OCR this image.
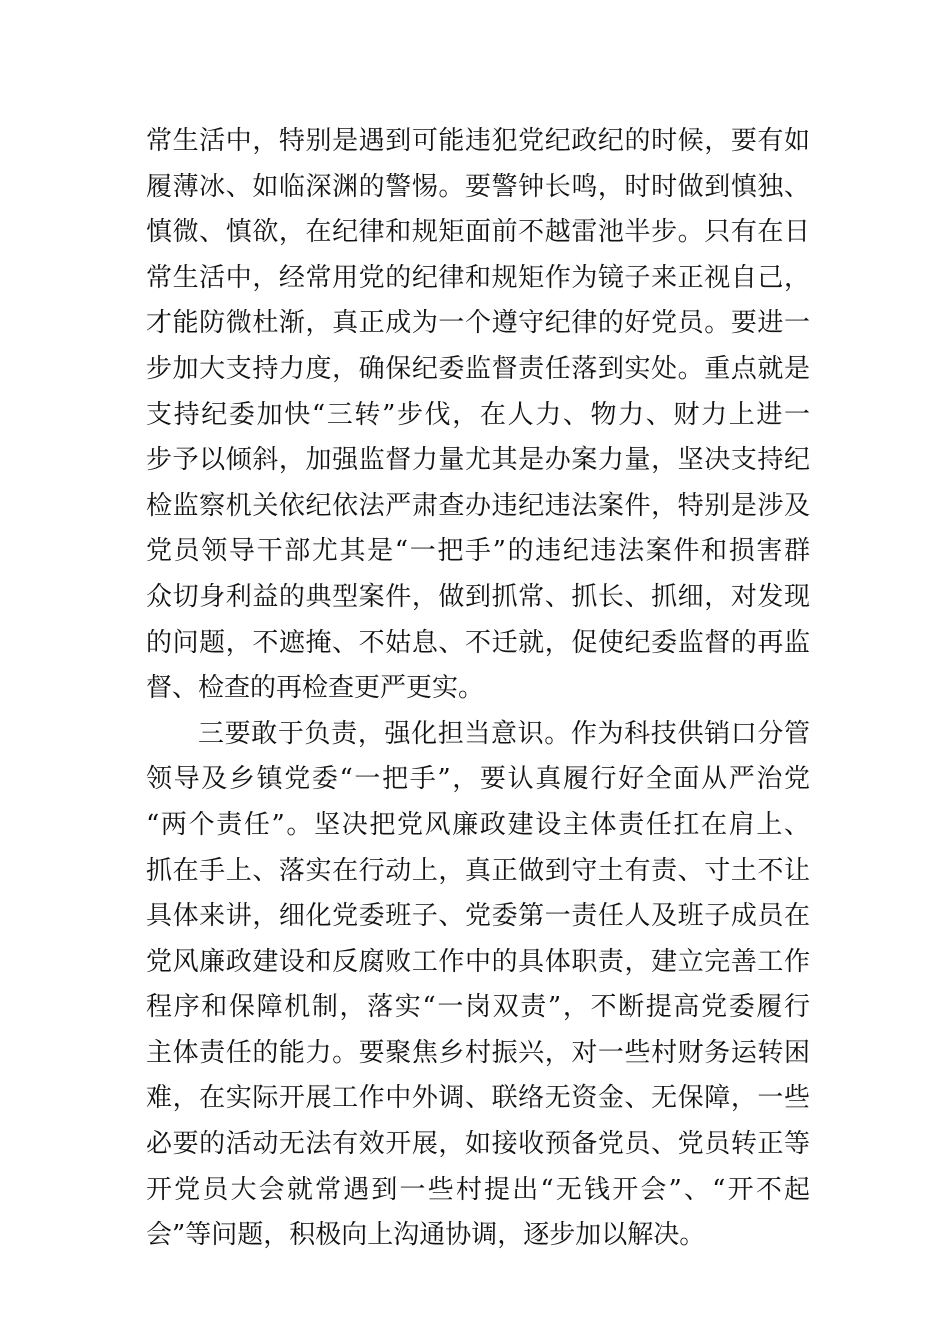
常生活中，特别是遇到可能违犯党纪政纪的时候，要有如
履薄冰、如临深渊的警惕。要警钟长鸣，时时做到慎独、
慎微、慎欲，在纪律和规矩面前不越雷池半步。只有在日
常生活中，经常用党的纪律和规矩作为镜子来正视自己，
才能防微杜渐，真正成为一个遵守纪律的好党员。要进一
步加大支持力度，确保纪委监督责任落到实处。重点就是
支持纪委加快“三转”步伐，在人力、物力、财力上进一
步予以倾斜，加强监督力量尤其是办案力量，坚决支持纪
检监察机关依纪依法严肃查办违纪违法案件，特别是涉及
党员领导干部尤其是“一把手”的违纪违法案件和损害群
众切身利益的典型案件，做到抓常、抓长、抓细，对发现
的问题，不遮掩、不姑息、不迁就，促使纪委监督的再监
督、检查的再检查更严更实。
三要敢于负责，强化担当意识。作为科技供销口分管
领导及乡镇党委“一把手”，要认真履行好全面从严治党
“两个责任”。坚决把党风廉政建设主体责任扛在肩上、
抓在手上、落实在行动上，真正做到守土有责、寸土不让
具体来讲，细化党委班子、党委第一责任人及班子成员在
党风廉政建设和反腐败工作中的具体职责，建立完善工作
程序和保障机制，落实“一岗双责”，不断提高党委履行
主体责任的能力。要聚焦乡村振兴，对一些村财务运转困
难，在实际开展工作中外调、联络无资金、无保障，一些
必要的活动无法有效开展，如接收预备党员、党员转正等
开党员大会就常遇到一些村提出“无钱开会”、“开不起
会”等问题，积极向上沟通协调，逐步加以解决。
